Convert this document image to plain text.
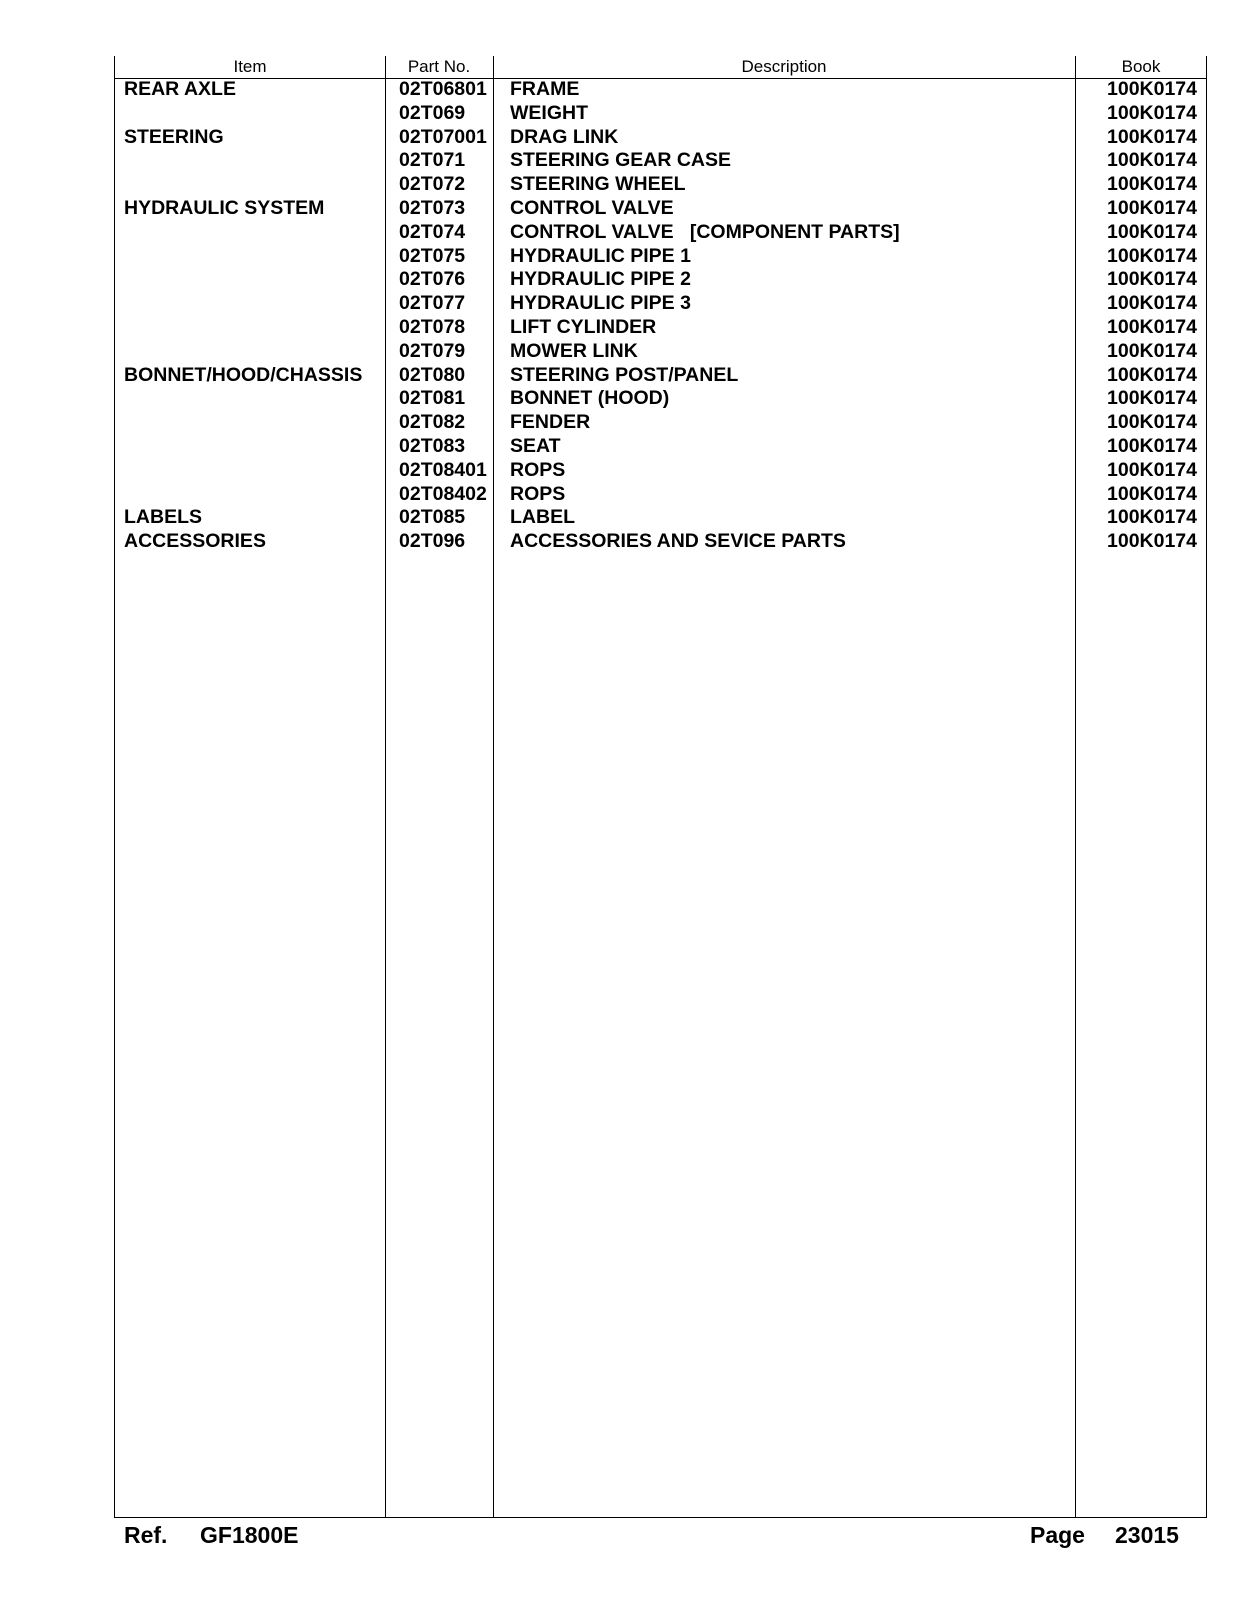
Item	Part No.	Description	Book
REAR AXLE	02T06801 FRAME	100K0174
02T069 WEIGHT	100K0174
STEERING	02T07001 DRAG LINK	100K0174
02T071 STEERING GEAR CASE	100K0174
02T072 STEERING WHEEL	100K0174
HYDRAULIC SYSTEM	02T073 CONTROL VALVE	100K0174
02T074 CONTROL VALVE   [COMPONENT PARTS]	100K0174
02T075 HYDRAULIC PIPE 1	100K0174
02T076 HYDRAULIC PIPE 2	100K0174
02T077 HYDRAULIC PIPE 3	100K0174
02T078 LIFT CYLINDER	100K0174
02T079 MOWER LINK	100K0174
BONNET/HOOD/CHASSIS 02T080 STEERING POST/PANEL	100K0174
02T081 BONNET (HOOD)	100K0174
02T082 FENDER	100K0174
02T083 SEAT	100K0174
02T08401 ROPS	100K0174
02T08402 ROPS	100K0174
LABELS	02T085 LABEL	100K0174
ACCESSORIES	02T096 ACCESSORIES AND SEVICE PARTS	100K0174
Ref. GF1800E	Page 23015
